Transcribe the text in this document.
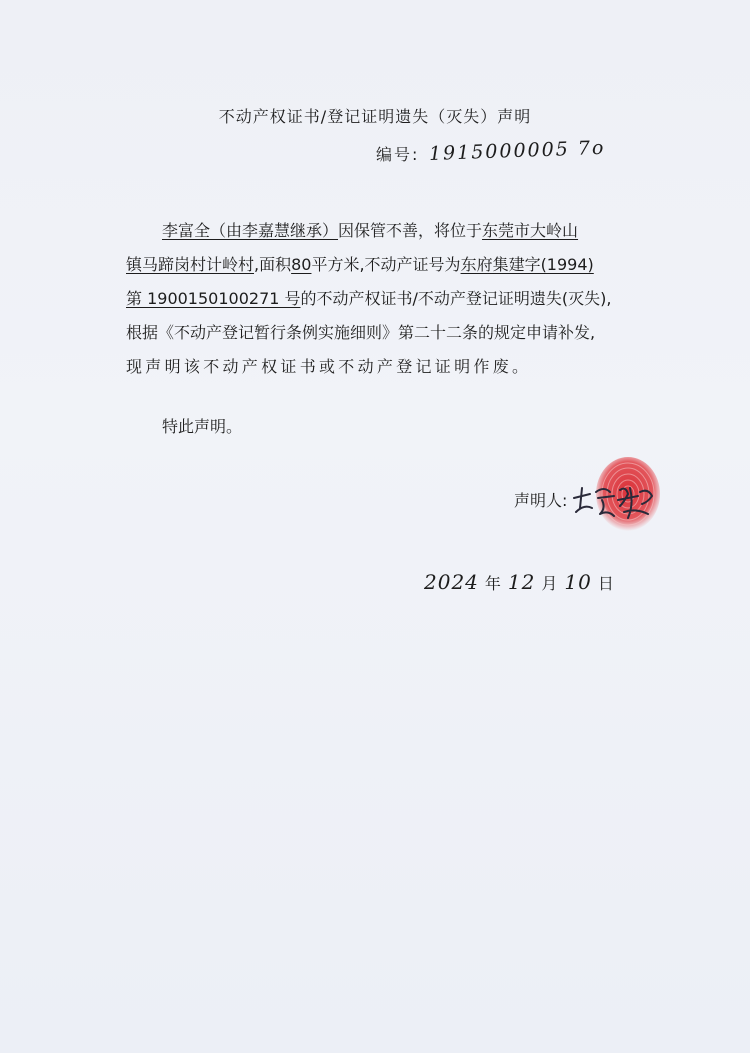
不动产权证书/登记证明遗失（灭失）声明
编号: 1915000005 7o
李富全（由李嘉慧继承）因保管不善，将位于东莞市大岭山
镇马蹄岗村计岭村,面积80平方米,不动产证号为东府集建字(1994)
第 1900150100271 号的不动产权证书/不动产登记证明遗失(灭失),
根据《不动产登记暂行条例实施细则》第二十二条的规定申请补发,
现声明该不动产权证书或不动产登记证明作废。
特此声明。
声明人:
2024 年 12 月 10 日
